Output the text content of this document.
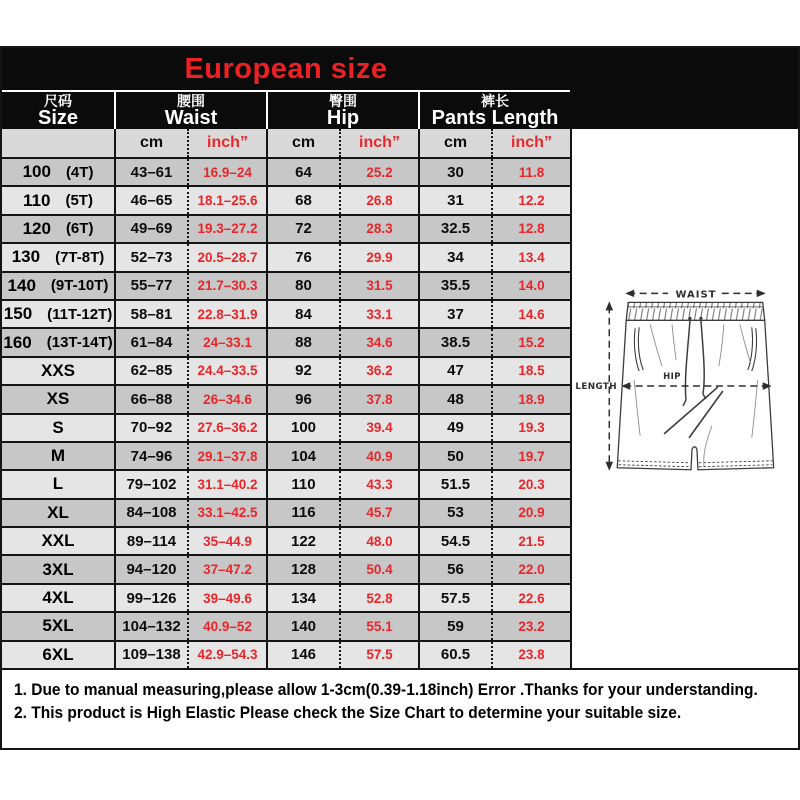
European size
尺码
Size
腰围
Waist
臀围
Hip
裤长
Pants Length
cm	inch”	cm	inch”	cm	inch”
100 (4T)	43–61	16.9–24	64	25.2	30	11.8
110 (5T)	46–65	18.1–25.6	68	26.8	31	12.2
120 (6T)	49–69	19.3–27.2	72	28.3	32.5	12.8
130 (7T-8T)	52–73	20.5–28.7	76	29.9	34	13.4
140 (9T-10T)	55–77	21.7–30.3	80	31.5	35.5	14.0
150 (11T-12T)	58–81	22.8–31.9	84	33.1	37	14.6
160 (13T-14T)	61–84	24–33.1	88	34.6	38.5	15.2
XXS	62–85	24.4–33.5	92	36.2	47	18.5
XS	66–88	26–34.6	96	37.8	48	18.9
S	70–92	27.6–36.2	100	39.4	49	19.3
M	74–96	29.1–37.8	104	40.9	50	19.7
L	79–102	31.1–40.2	110	43.3	51.5	20.3
XL	84–108	33.1–42.5	116	45.7	53	20.9
XXL	89–114	35–44.9	122	48.0	54.5	21.5
3XL	94–120	37–47.2	128	50.4	56	22.0
4XL	99–126	39–49.6	134	52.8	57.5	22.6
5XL	104–132	40.9–52	140	55.1	59	23.2
6XL	109–138	42.9–54.3	146	57.5	60.5	23.8
WAIST
HIP
LENGTH

1. Due to manual measuring,please allow 1-3cm(0.39-1.18inch) Error .Thanks for your understanding.

2. This product is High Elastic Please check the Size Chart to determine your suitable size.
